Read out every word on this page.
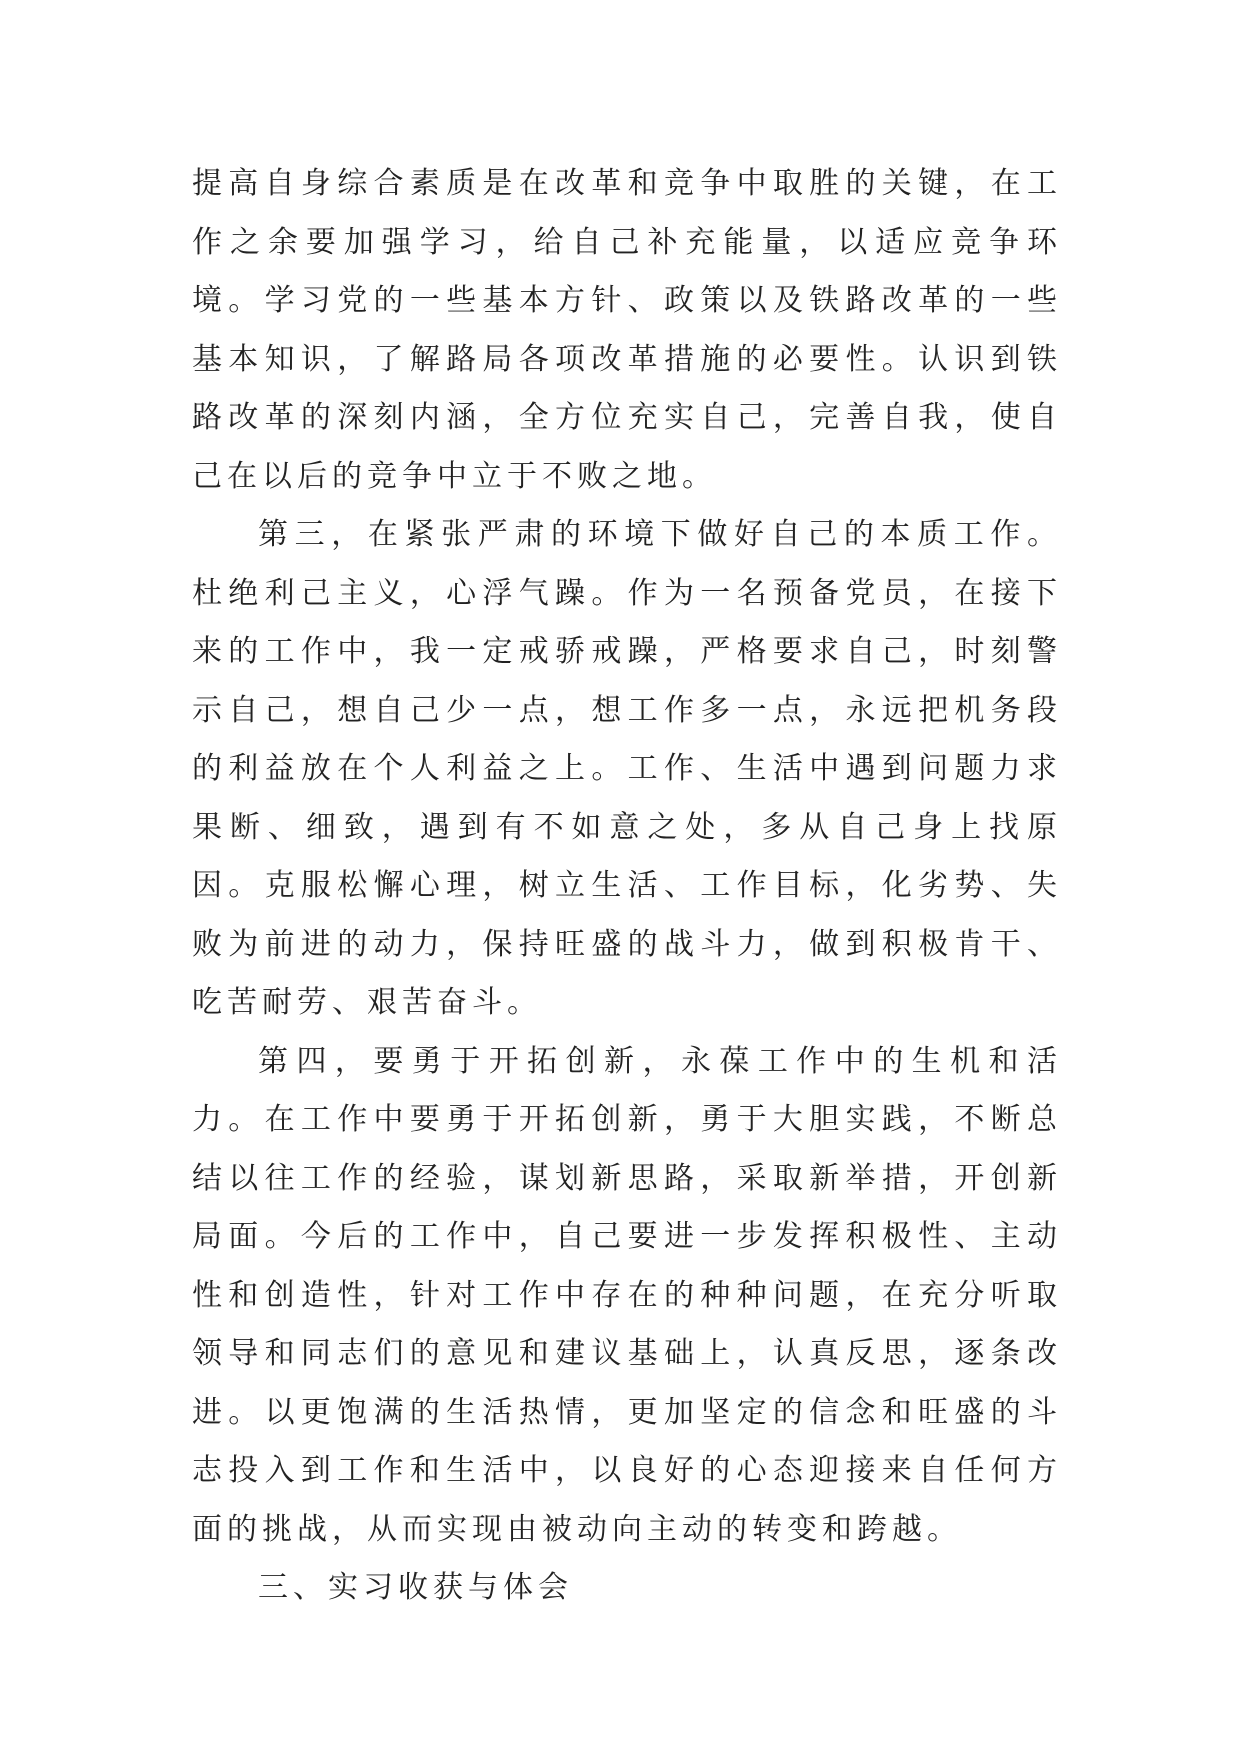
提高自身综合素质是在改革和竞争中取胜的关键，在工作之余要加强学习，给自己补充能量，以适应竞争环境。学习党的一些基本方针、政策以及铁路改革的一些基本知识，了解路局各项改革措施的必要性。认识到铁路改革的深刻内涵，全方位充实自己，完善自我，使自己在以后的竞争中立于不败之地。

第三，在紧张严肃的环境下做好自己的本质工作。杜绝利己主义，心浮气躁。作为一名预备党员，在接下来的工作中，我一定戒骄戒躁，严格要求自己，时刻警示自己，想自己少一点，想工作多一点，永远把机务段的利益放在个人利益之上。工作、生活中遇到问题力求果断、细致，遇到有不如意之处，多从自己身上找原因。克服松懈心理，树立生活、工作目标，化劣势、失败为前进的动力，保持旺盛的战斗力，做到积极肯干、吃苦耐劳、艰苦奋斗。

第四，要勇于开拓创新，永葆工作中的生机和活力。在工作中要勇于开拓创新，勇于大胆实践，不断总结以往工作的经验，谋划新思路，采取新举措，开创新局面。今后的工作中，自己要进一步发挥积极性、主动性和创造性，针对工作中存在的种种问题，在充分听取领导和同志们的意见和建议基础上，认真反思，逐条改进。以更饱满的生活热情，更加坚定的信念和旺盛的斗志投入到工作和生活中，以良好的心态迎接来自任何方面的挑战，从而实现由被动向主动的转变和跨越。

三、实习收获与体会
